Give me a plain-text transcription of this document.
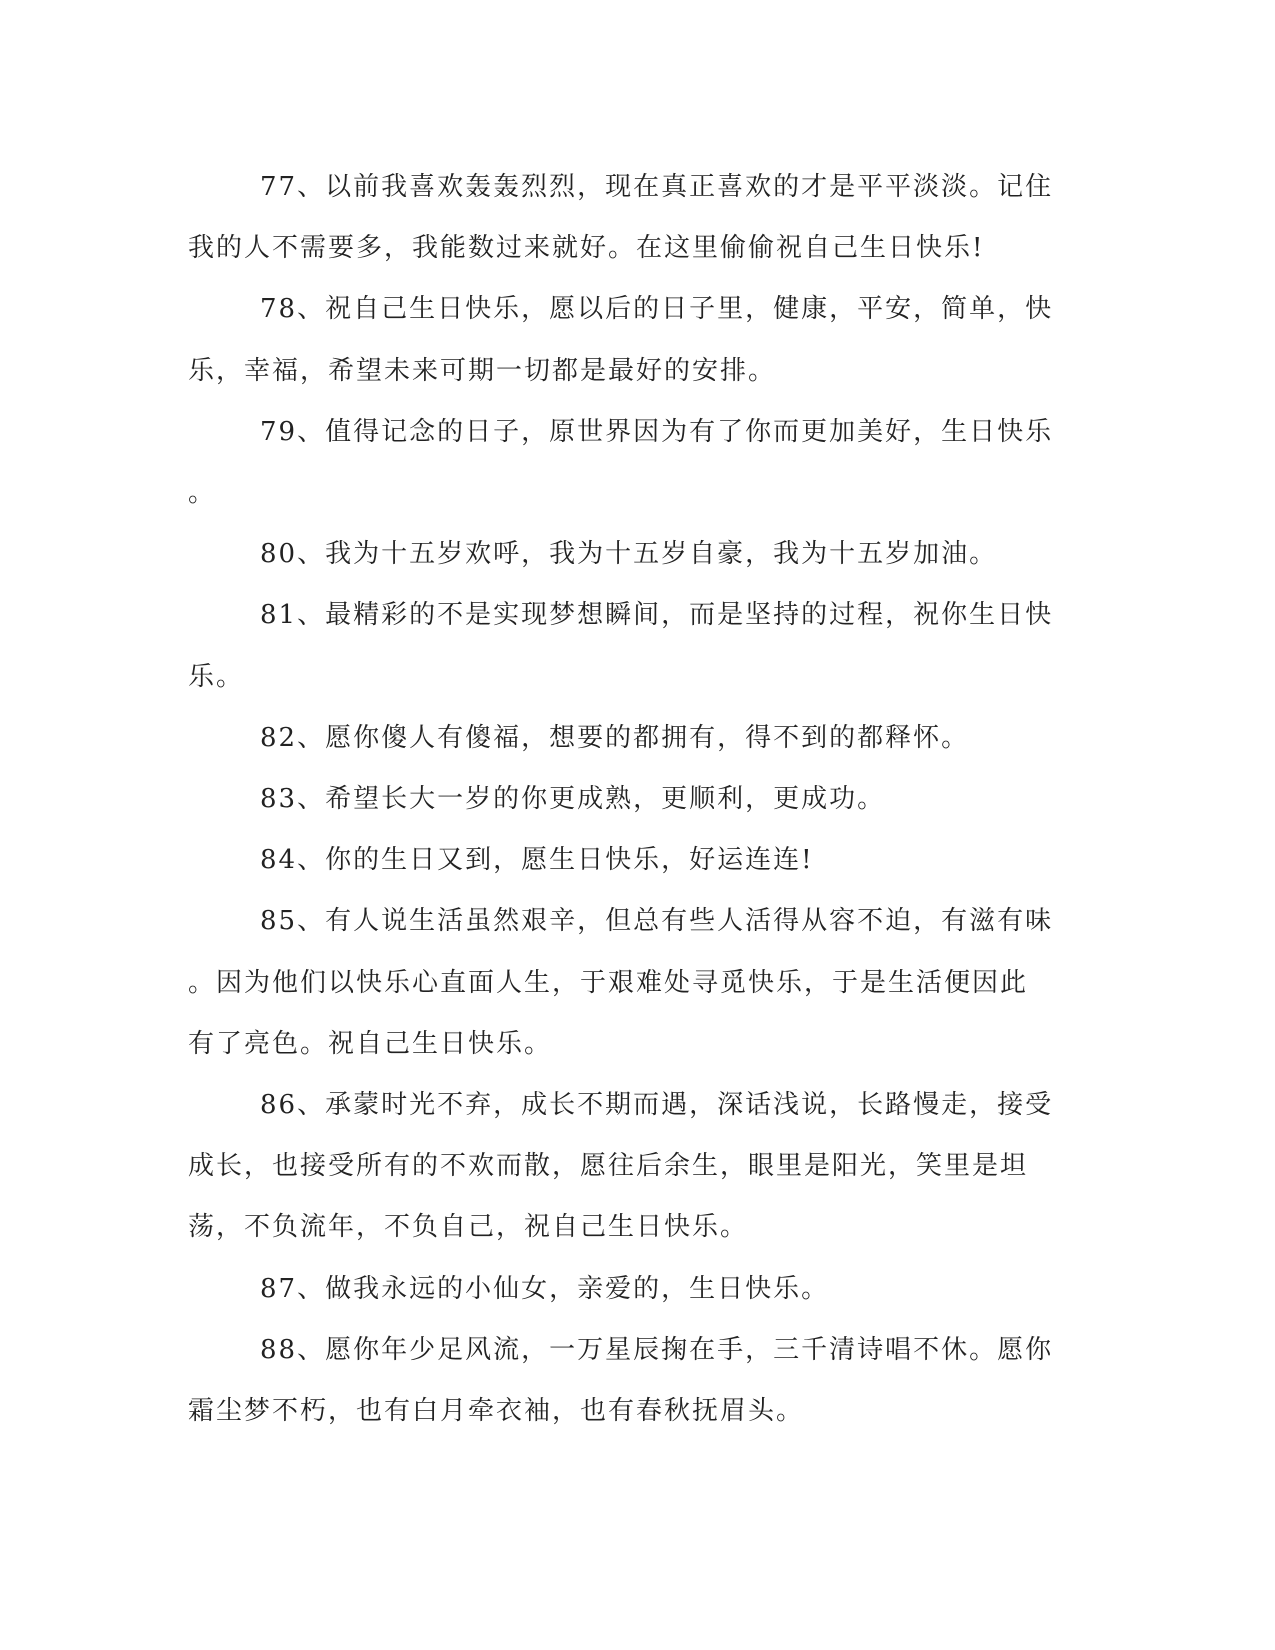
77、以前我喜欢轰轰烈烈，现在真正喜欢的才是平平淡淡。记住
我的人不需要多，我能数过来就好。在这里偷偷祝自己生日快乐!

78、祝自己生日快乐，愿以后的日子里，健康，平安，简单，快
乐，幸福，希望未来可期一切都是最好的安排。

79、值得记念的日子，原世界因为有了你而更加美好，生日快乐
。

80、我为十五岁欢呼，我为十五岁自豪，我为十五岁加油。

81、最精彩的不是实现梦想瞬间，而是坚持的过程，祝你生日快
乐。

82、愿你傻人有傻福，想要的都拥有，得不到的都释怀。

83、希望长大一岁的你更成熟，更顺利，更成功。

84、你的生日又到，愿生日快乐，好运连连!

85、有人说生活虽然艰辛，但总有些人活得从容不迫，有滋有味
。因为他们以快乐心直面人生，于艰难处寻觅快乐，于是生活便因此
有了亮色。祝自己生日快乐。

86、承蒙时光不弃，成长不期而遇，深话浅说，长路慢走，接受
成长，也接受所有的不欢而散，愿往后余生，眼里是阳光，笑里是坦
荡，不负流年，不负自己，祝自己生日快乐。

87、做我永远的小仙女，亲爱的，生日快乐。

88、愿你年少足风流，一万星辰掬在手，三千清诗唱不休。愿你
霜尘梦不朽，也有白月牵衣袖，也有春秋抚眉头。
